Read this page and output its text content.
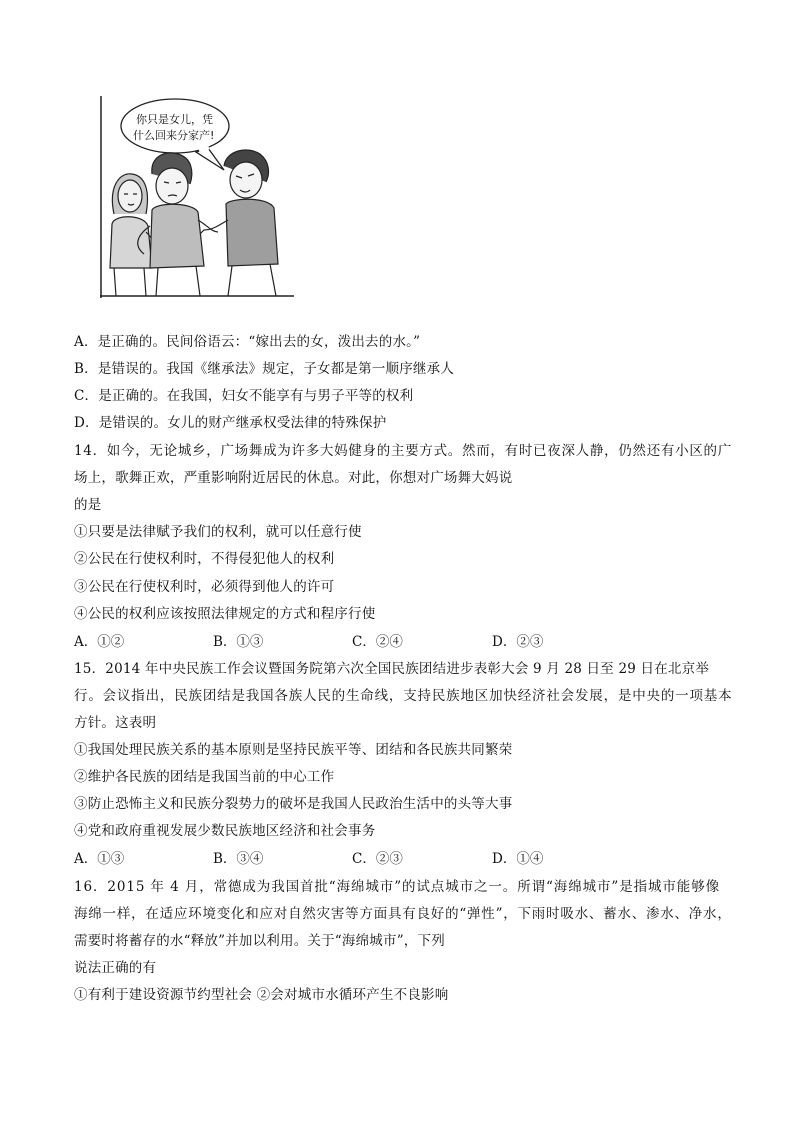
你只是女儿，凭
什么回来分家产!
A．是正确的。民间俗语云：“嫁出去的女，泼出去的水。”
B．是错误的。我国《继承法》规定，子女都是第一顺序继承人
C．是正确的。在我国，妇女不能享有与男子平等的权利
D．是错误的。女儿的财产继承权受法律的特殊保护
14．如今，无论城乡，广场舞成为许多大妈健身的主要方式。然而，有时已夜深人静，仍然还有小区的广
场上，歌舞正欢，严重影响附近居民的休息。对此，你想对广场舞大妈说
的是
①只要是法律赋予我们的权利，就可以任意行使
②公民在行使权利时，不得侵犯他人的权利
③公民在行使权利时，必须得到他人的许可
④公民的权利应该按照法律规定的方式和程序行使
A．①②	B．①③	C．②④	D．②③
15．2014 年中央民族工作会议暨国务院第六次全国民族团结进步表彰大会 9 月 28 日至 29 日在北京举
行。会议指出，民族团结是我国各族人民的生命线，支持民族地区加快经济社会发展，是中央的一项基本
方针。这表明
①我国处理民族关系的基本原则是坚持民族平等、团结和各民族共同繁荣
②维护各民族的团结是我国当前的中心工作
③防止恐怖主义和民族分裂势力的破坏是我国人民政治生活中的头等大事
④党和政府重视发展少数民族地区经济和社会事务
A．①③	B．③④	C．②③	D．①④
16．2015 年 4 月，常德成为我国首批“海绵城市”的试点城市之一。所谓“海绵城市”是指城市能够像
海绵一样，在适应环境变化和应对自然灾害等方面具有良好的“弹性”，下雨时吸水、蓄水、渗水、净水，
需要时将蓄存的水“释放”并加以利用。关于“海绵城市”，下列
说法正确的有
①有利于建设资源节约型社会 ②会对城市水循环产生不良影响
